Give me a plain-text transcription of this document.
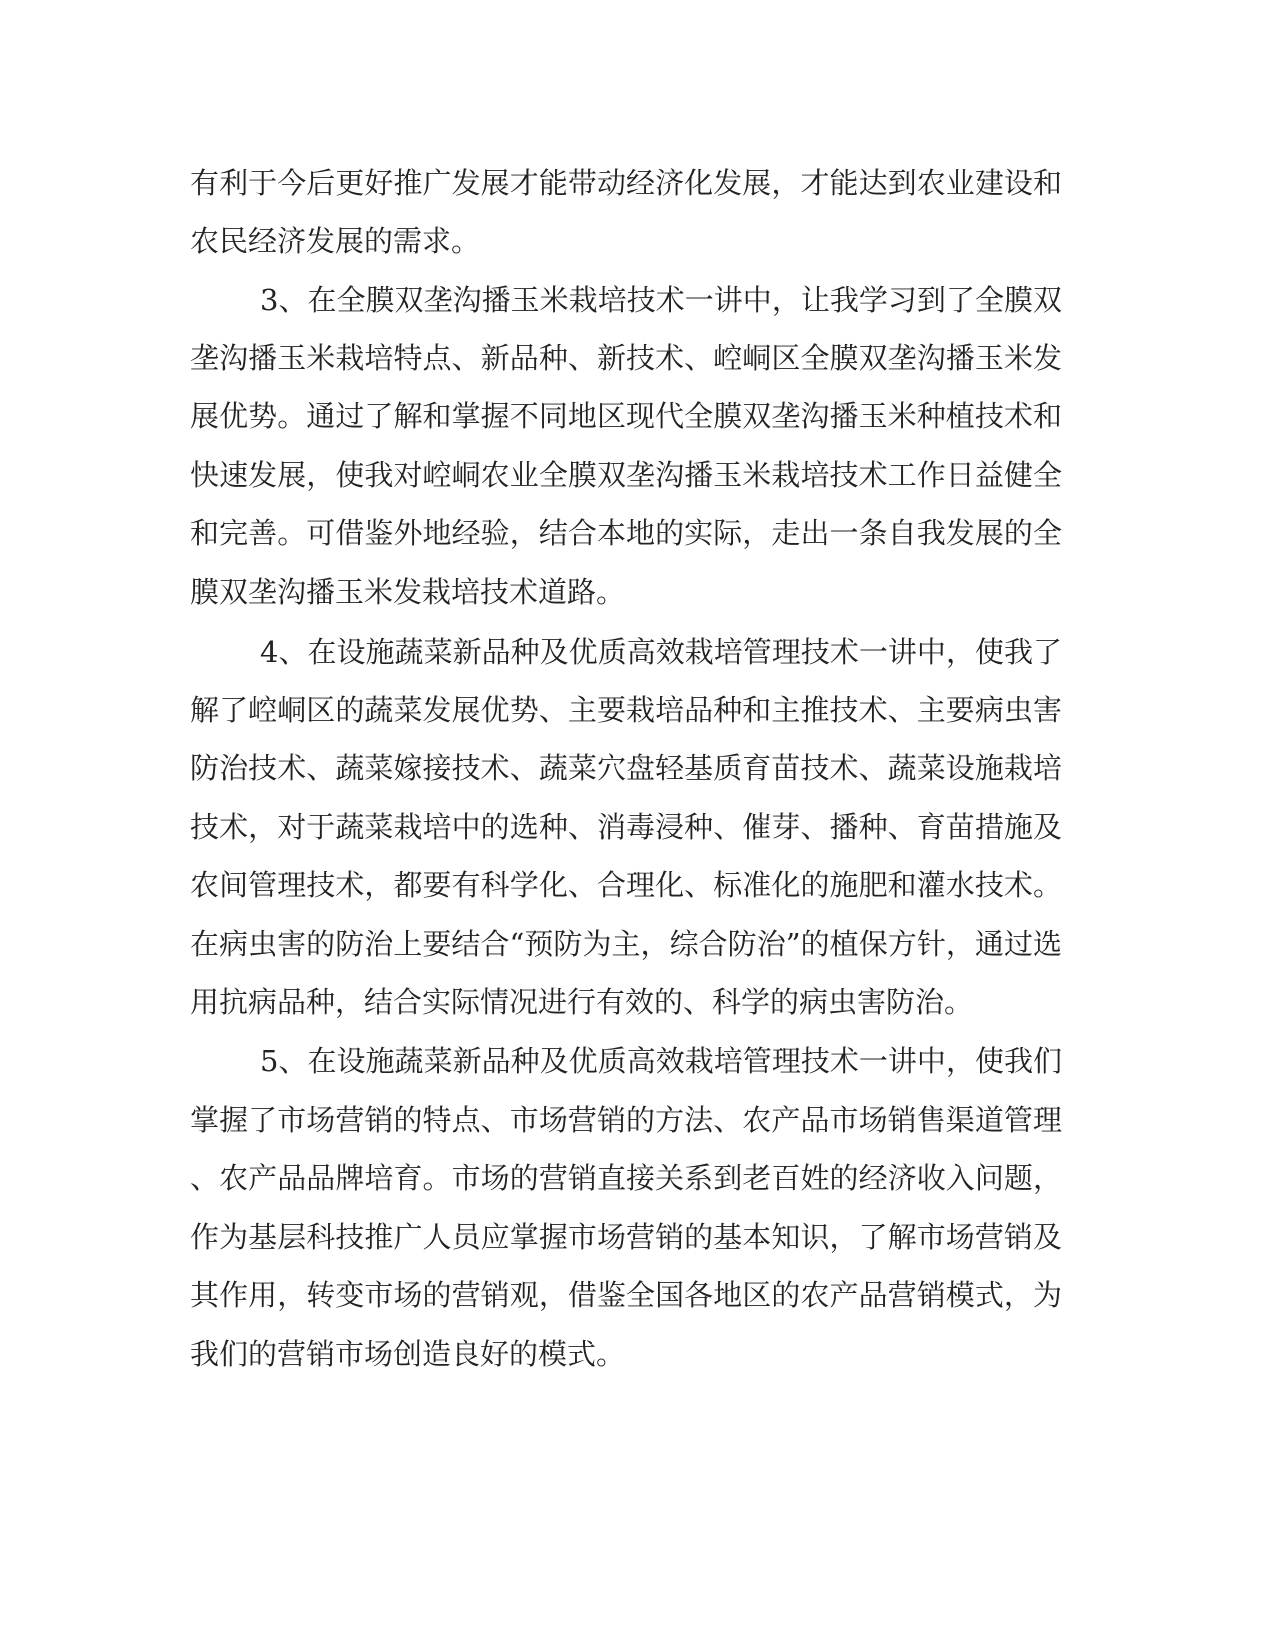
有利于今后更好推广发展才能带动经济化发展，才能达到农业建设和
农民经济发展的需求。
3、在全膜双垄沟播玉米栽培技术一讲中，让我学习到了全膜双
垄沟播玉米栽培特点、新品种、新技术、崆峒区全膜双垄沟播玉米发
展优势。通过了解和掌握不同地区现代全膜双垄沟播玉米种植技术和
快速发展，使我对崆峒农业全膜双垄沟播玉米栽培技术工作日益健全
和完善。可借鉴外地经验，结合本地的实际，走出一条自我发展的全
膜双垄沟播玉米发栽培技术道路。
4、在设施蔬菜新品种及优质高效栽培管理技术一讲中，使我了
解了崆峒区的蔬菜发展优势、主要栽培品种和主推技术、主要病虫害
防治技术、蔬菜嫁接技术、蔬菜穴盘轻基质育苗技术、蔬菜设施栽培
技术，对于蔬菜栽培中的选种、消毒浸种、催芽、播种、育苗措施及
农间管理技术，都要有科学化、合理化、标准化的施肥和灌水技术。
在病虫害的防治上要结合“预防为主，综合防治”的植保方针，通过选
用抗病品种，结合实际情况进行有效的、科学的病虫害防治。
5、在设施蔬菜新品种及优质高效栽培管理技术一讲中，使我们
掌握了市场营销的特点、市场营销的方法、农产品市场销售渠道管理
、农产品品牌培育。市场的营销直接关系到老百姓的经济收入问题，
作为基层科技推广人员应掌握市场营销的基本知识，了解市场营销及
其作用，转变市场的营销观，借鉴全国各地区的农产品营销模式，为
我们的营销市场创造良好的模式。
